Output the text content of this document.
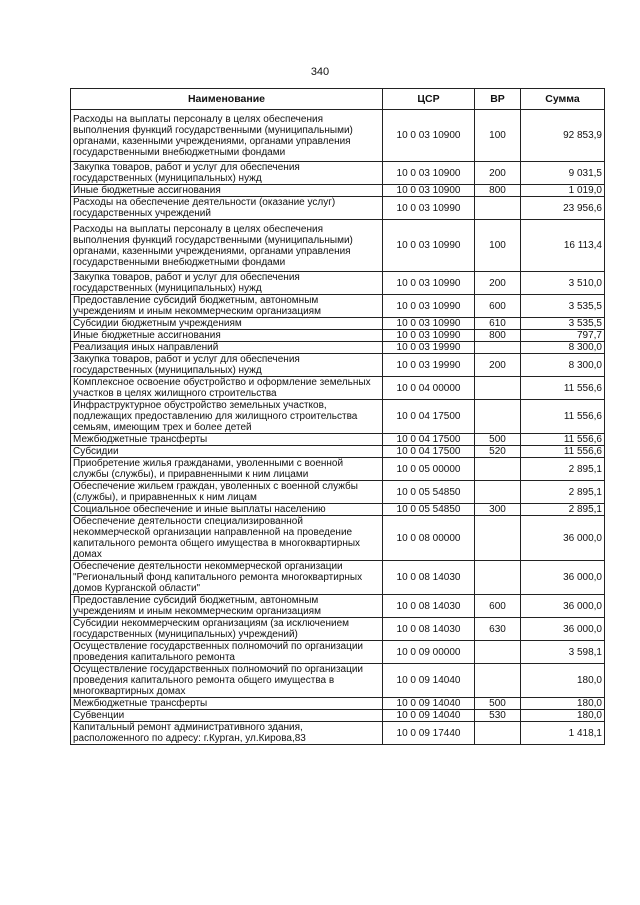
340
Наименование	ЦСР	ВР	Сумма
Расходы на выплаты персоналу в целях обеспечения выполнения функций государственными (муниципальными) органами, казенными учреждениями, органами управления государственными внебюджетными фондами	10 0 03 10900	100	92 853,9
Закупка товаров, работ и услуг для обеспечения государственных (муниципальных) нужд	10 0 03 10900	200	9 031,5
Иные бюджетные ассигнования	10 0 03 10900	800	1 019,0
Расходы на обеспечение деятельности (оказание услуг) государственных учреждений	10 0 03 10990		23 956,6
Расходы на выплаты персоналу в целях обеспечения выполнения функций государственными (муниципальными) органами, казенными учреждениями, органами управления государственными внебюджетными фондами	10 0 03 10990	100	16 113,4
Закупка товаров, работ и услуг для обеспечения государственных (муниципальных) нужд	10 0 03 10990	200	3 510,0
Предоставление субсидий бюджетным, автономным учреждениям и иным некоммерческим организациям	10 0 03 10990	600	3 535,5
Субсидии бюджетным учреждениям	10 0 03 10990	610	3 535,5
Иные бюджетные ассигнования	10 0 03 10990	800	797,7
Реализация иных направлений	10 0 03 19990		8 300,0
Закупка товаров, работ и услуг для обеспечения государственных (муниципальных) нужд	10 0 03 19990	200	8 300,0
Комплексное освоение обустройство и оформление земельных участков в целях жилищного строительства	10 0 04 00000		11 556,6
Инфраструктурное обустройство земельных участков, подлежащих предоставлению для жилищного строительства семьям, имеющим трех и более детей	10 0 04 17500		11 556,6
Межбюджетные трансферты	10 0 04 17500	500	11 556,6
Субсидии	10 0 04 17500	520	11 556,6
Приобретение жилья гражданами, уволенными с военной службы (службы), и приравненными к ним лицами	10 0 05 00000		2 895,1
Обеспечение жильем граждан, уволенных с военной службы (службы), и приравненных к ним лицам	10 0 05 54850		2 895,1
Социальное обеспечение и иные выплаты населению	10 0 05 54850	300	2 895,1
Обеспечение деятельности специализированной некоммерческой организации направленной на проведение капитального ремонта общего имущества в многоквартирных домах	10 0 08 00000		36 000,0
Обеспечение деятельности некоммерческой организации "Региональный фонд капитального ремонта многоквартирных домов Курганской области"	10 0 08 14030		36 000,0
Предоставление субсидий бюджетным, автономным учреждениям и иным некоммерческим организациям	10 0 08 14030	600	36 000,0
Субсидии некоммерческим организациям (за исключением государственных (муниципальных) учреждений)	10 0 08 14030	630	36 000,0
Осуществление государственных полномочий по организации проведения капитального ремонта	10 0 09 00000		3 598,1
Осуществление государственных полномочий по организации проведения капитального ремонта общего имущества в многоквартирных домах	10 0 09 14040		180,0
Межбюджетные трансферты	10 0 09 14040	500	180,0
Субвенции	10 0 09 14040	530	180,0
Капитальный ремонт административного здания, расположенного по адресу: г.Курган, ул.Кирова,83	10 0 09 17440		1 418,1
